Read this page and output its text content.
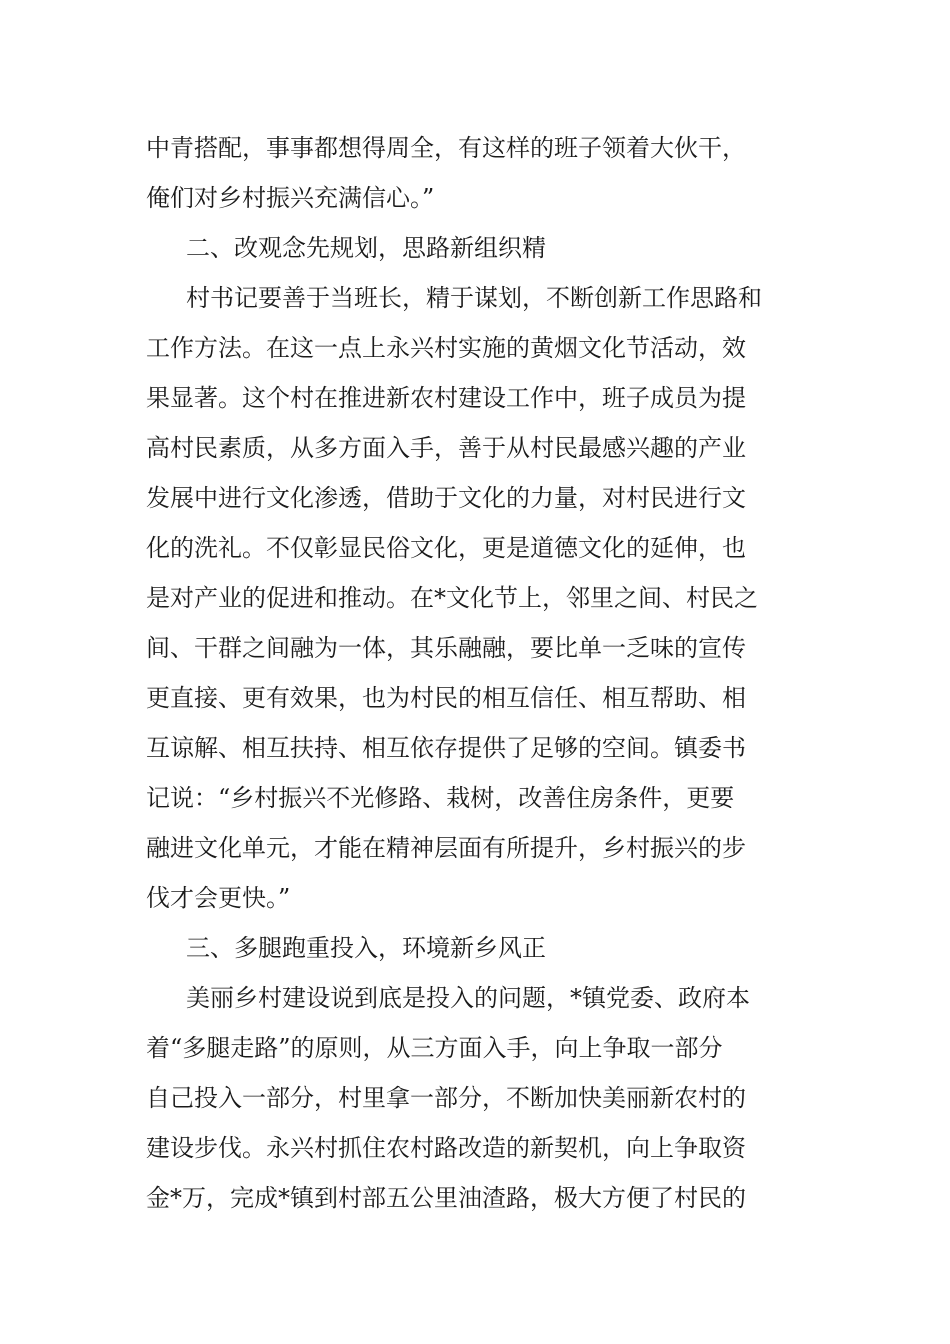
中青搭配，事事都想得周全，有这样的班子领着大伙干，
俺们对乡村振兴充满信心。”
二、改观念先规划，思路新组织精
村书记要善于当班长，精于谋划，不断创新工作思路和
工作方法。在这一点上永兴村实施的黄烟文化节活动，效
果显著。这个村在推进新农村建设工作中，班子成员为提
高村民素质，从多方面入手，善于从村民最感兴趣的产业
发展中进行文化渗透，借助于文化的力量，对村民进行文
化的洗礼。不仅彰显民俗文化，更是道德文化的延伸，也
是对产业的促进和推动。在*文化节上，邻里之间、村民之
间、干群之间融为一体，其乐融融，要比单一乏味的宣传
更直接、更有效果，也为村民的相互信任、相互帮助、相
互谅解、相互扶持、相互依存提供了足够的空间。镇委书
记说：“乡村振兴不光修路、栽树，改善住房条件，更要
融进文化单元，才能在精神层面有所提升，乡村振兴的步
伐才会更快。”
三、多腿跑重投入，环境新乡风正
美丽乡村建设说到底是投入的问题，*镇党委、政府本
着“多腿走路”的原则，从三方面入手，向上争取一部分
自己投入一部分，村里拿一部分，不断加快美丽新农村的
建设步伐。永兴村抓住农村路改造的新契机，向上争取资
金*万，完成*镇到村部五公里油渣路，极大方便了村民的
